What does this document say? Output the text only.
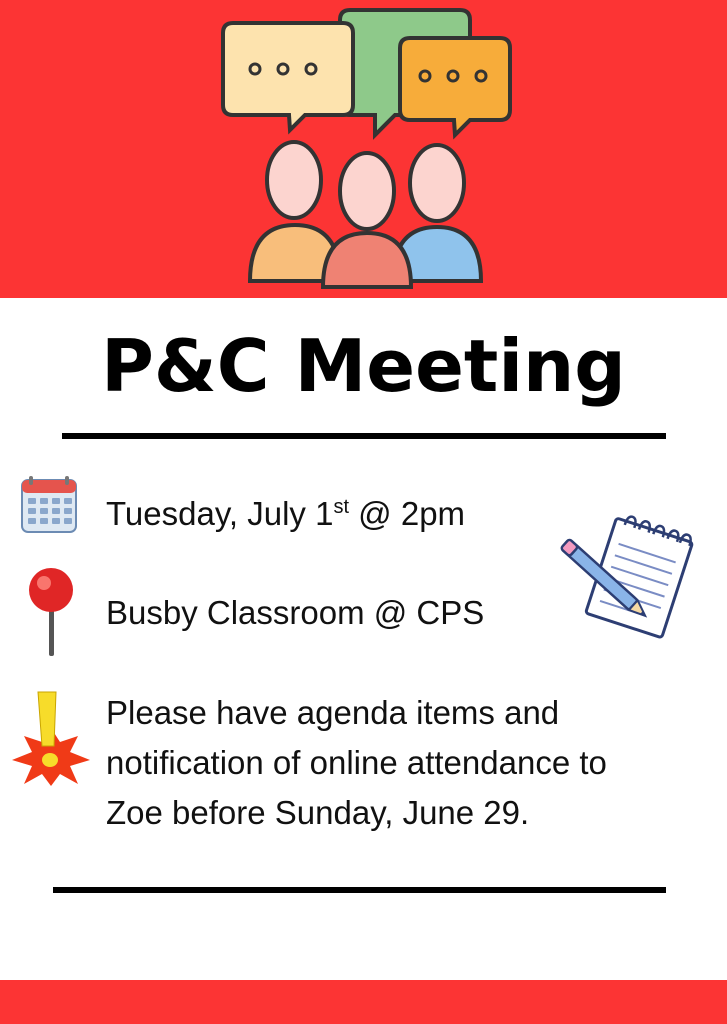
P&C Meeting
Tuesday, July 1st @ 2pm
Busby Classroom @ CPS
Please have agenda items and
notification of online attendance to
Zoe before Sunday, June 29.
